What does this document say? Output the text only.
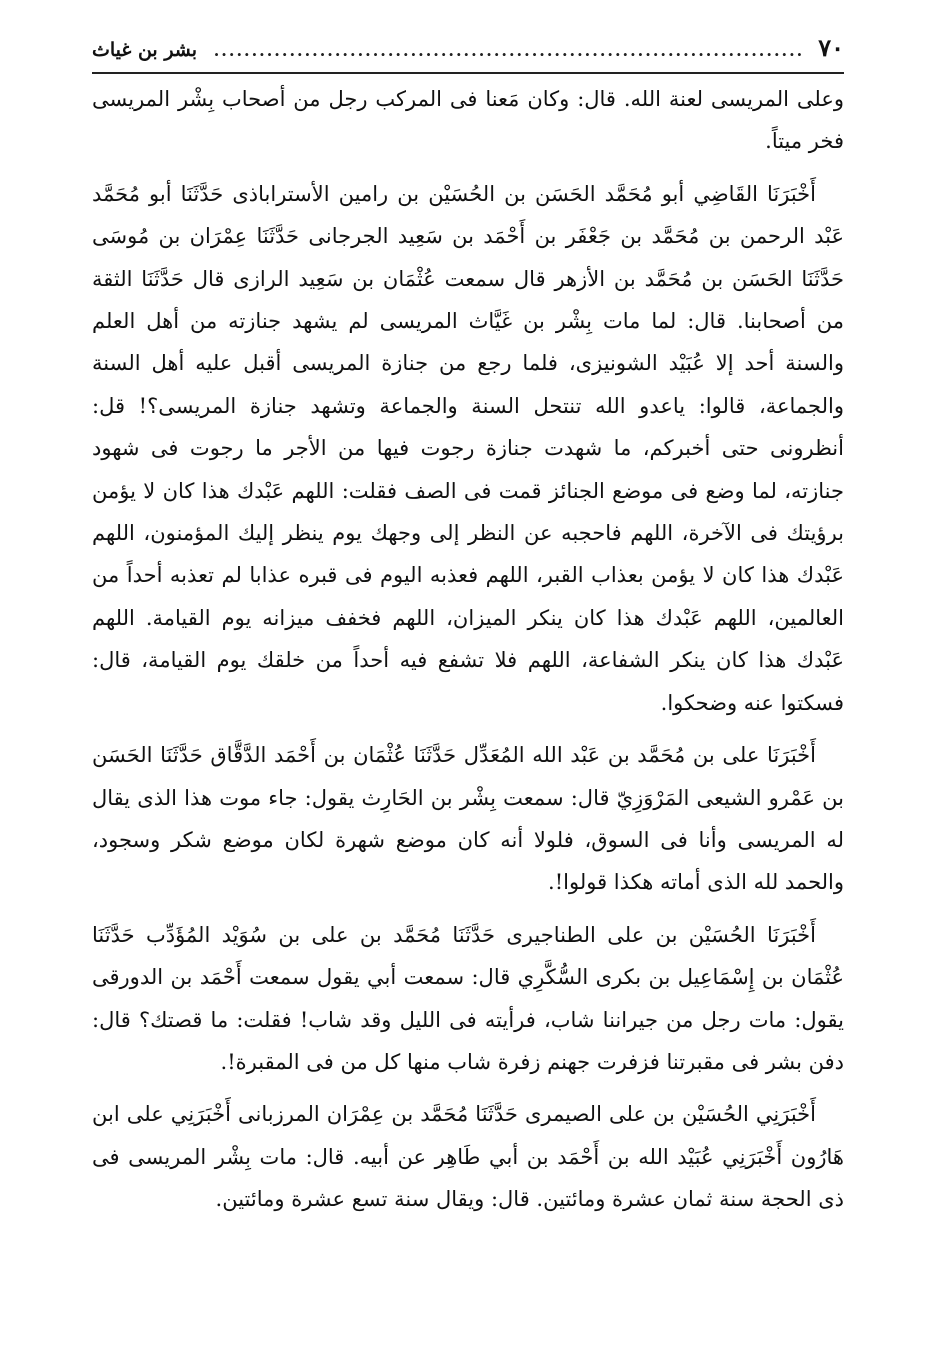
٧٠
.....
بشر بن غياث

وعلى المريسى لعنة الله. قال: وكان مَعنا فى المركب رجل من أصحاب بِشْر المريسى فخر ميتاً.

أَخْبَرَنَا القَاضِي أبو مُحَمَّد الحَسَن بن الحُسَيْن بن رامين الأستراباذى حَدَّثَنَا أبو مُحَمَّد عَبْد الرحمن بن مُحَمَّد بن جَعْفَر بن أَحْمَد بن سَعِيد الجرجانى حَدَّثَنَا عِمْرَان بن مُوسَى حَدَّثَنَا الحَسَن بن مُحَمَّد بن الأزهر قال سمعت عُثْمَان بن سَعِيد الرازى قال حَدَّثَنَا الثقة من أصحابنا. قال: لما مات بِشْر بن غَيَّاث المريسى لم يشهد جنازته من أهل العلم والسنة أحد إلا عُبَيْد الشونيزى، فلما رجع من جنازة المريسى أقبل عليه أهل السنة والجماعة، قالوا: ياعدو الله تنتحل السنة والجماعة وتشهد جنازة المريسى؟! قل: أنظرونى حتى أخبركم، ما شهدت جنازة رجوت فيها من الأجر ما رجوت فى شهود جنازته، لما وضع فى موضع الجنائز قمت فى الصف فقلت: اللهم عَبْدك هذا كان لا يؤمن برؤيتك فى الآخرة، اللهم فاحجبه عن النظر إلى وجهك يوم ينظر إليك المؤمنون، اللهم عَبْدك هذا كان لا يؤمن بعذاب القبر، اللهم فعذبه اليوم فى قبره عذابا لم تعذبه أحداً من العالمين، اللهم عَبْدك هذا كان ينكر الميزان، اللهم فخفف ميزانه يوم القيامة. اللهم عَبْدك هذا كان ينكر الشفاعة، اللهم فلا تشفع فيه أحداً من خلقك يوم القيامة، قال: فسكتوا عنه وضحكوا.

أَخْبَرَنَا على بن مُحَمَّد بن عَبْد الله المُعَدِّل حَدَّثَنَا عُثْمَان بن أَحْمَد الدَّقَّاق حَدَّثَنَا الحَسَن بن عَمْرو الشيعى المَرْوَزِيّ قال: سمعت بِشْر بن الحَارِث يقول: جاء موت هذا الذى يقال له المريسى وأنا فى السوق، فلولا أنه كان موضع شهرة لكان موضع شكر وسجود، والحمد لله الذى أماته هكذا قولوا!.

أَخْبَرَنَا الحُسَيْن بن على الطناجيرى حَدَّثَنَا مُحَمَّد بن على بن سُوَيْد المُؤَدِّب حَدَّثَنَا عُثْمَان بن إِسْمَاعِيل بن بكرى السُّكَّرِي قال: سمعت أبي يقول سمعت أَحْمَد بن الدورقى يقول: مات رجل من جيراننا شاب، فرأيته فى الليل وقد شاب! فقلت: ما قصتك؟ قال: دفن بشر فى مقبرتنا فزفرت جهنم زفرة شاب منها كل من فى المقبرة!.

أَخْبَرَنِي الحُسَيْن بن على الصيمرى حَدَّثَنَا مُحَمَّد بن عِمْرَان المرزبانى أَخْبَرَنِي على ابن هَارُون أَخْبَرَنِي عُبَيْد الله بن أَحْمَد بن أبي طَاهِر عن أبيه. قال: مات بِشْر المريسى فى ذى الحجة سنة ثمان عشرة ومائتين. قال: ويقال سنة تسع عشرة ومائتين.
